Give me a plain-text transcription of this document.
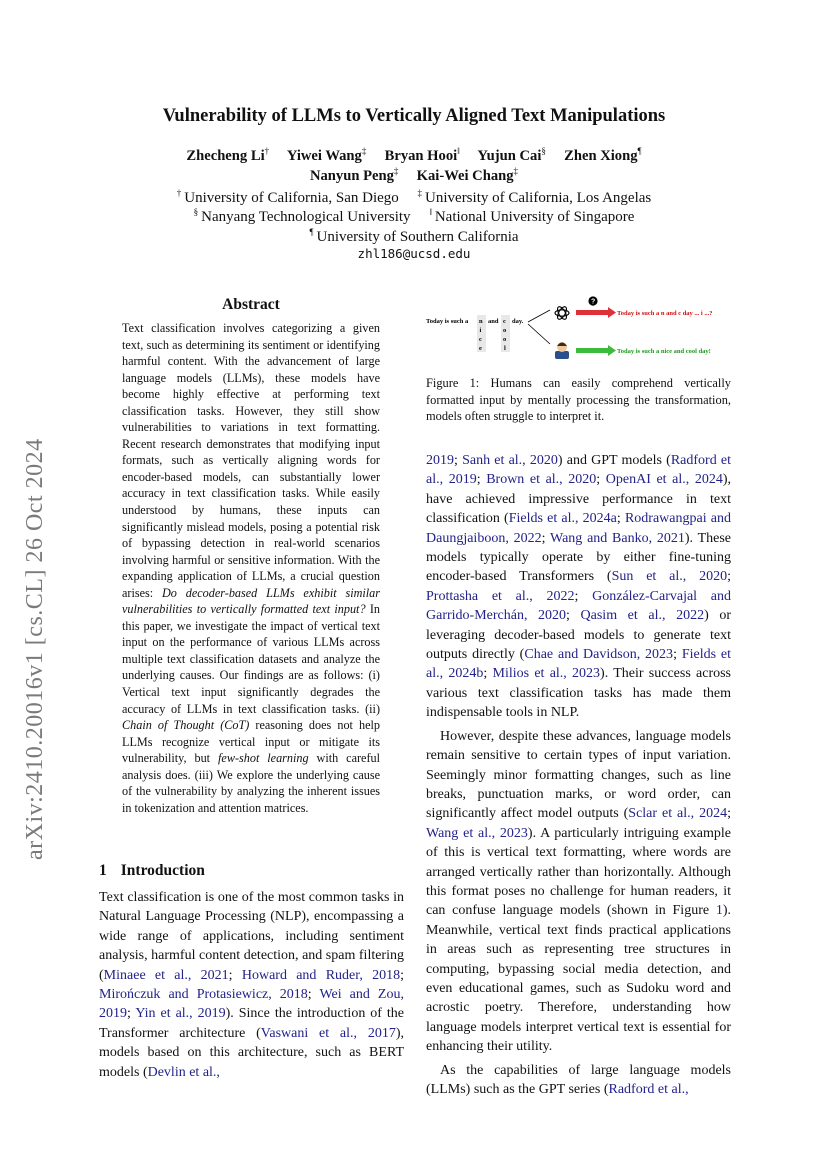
arXiv:2410.20016v1 [cs.CL] 26 Oct 2024
Vulnerability of LLMs to Vertically Aligned Text Manipulations
Zhecheng Li† Yiwei Wang‡ Bryan Hooi‖ Yujun Cai§ Zhen Xiong¶
Nanyun Peng‡ Kai-Wei Chang‡
† University of California, San Diego ‡ University of California, Los Angelas
§ Nanyang Technological University ‖ National University of Singapore
¶ University of Southern California
zhl186@ucsd.edu
Abstract

Text classification involves categorizing a given text, such as determining its sentiment or identifying harmful content. With the advancement of large language models (LLMs), these models have become highly effective at performing text classification tasks. However, they still show vulnerabilities to variations in text formatting. Recent research demonstrates that modifying input formats, such as vertically aligning words for encoder-based models, can substantially lower accuracy in text classification tasks. While easily understood by humans, these inputs can significantly mislead models, posing a potential risk of bypassing detection in real-world scenarios involving harmful or sensitive information. With the expanding application of LLMs, a crucial question arises: Do decoder-based LLMs exhibit similar vulnerabilities to vertically formatted text input? In this paper, we investigate the impact of vertical text input on the performance of various LLMs across multiple text classification datasets and analyze the underlying causes. Our findings are as follows: (i) Vertical text input significantly degrades the accuracy of LLMs in text classification tasks. (ii) Chain of Thought (CoT) reasoning does not help LLMs recognize vertical input or mitigate its vulnerability, but few-shot learning with careful analysis does. (iii) We explore the underlying cause of the vulnerability by analyzing the inherent issues in tokenization and attention matrices.

Today is such a n
i
c
e
and c
o
o
l
day.
?
Today is such a n and c day ... i ...?
Today is such a nice and cool day!
Figure 1: Humans can easily comprehend vertically formatted input by mentally processing the transformation, models often struggle to interpret it.
1 Introduction

Text classification is one of the most common tasks in Natural Language Processing (NLP), encompassing a wide range of applications, including sentiment analysis, harmful content detection, and spam filtering (Minaee et al., 2021; Howard and Ruder, 2018; Mirończuk and Protasiewicz, 2018; Wei and Zou, 2019; Yin et al., 2019). Since the introduction of the Transformer architecture (Vaswani et al., 2017), models based on this architecture, such as BERT models (Devlin et al.,

2019; Sanh et al., 2020) and GPT models (Radford et al., 2019; Brown et al., 2020; OpenAI et al., 2024), have achieved impressive performance in text classification (Fields et al., 2024a; Rodrawangpai and Daungjaiboon, 2022; Wang and Banko, 2021). These models typically operate by either fine-tuning encoder-based Transformers (Sun et al., 2020; Prottasha et al., 2022; González-Carvajal and Garrido-Merchán, 2020; Qasim et al., 2022) or leveraging decoder-based models to generate text outputs directly (Chae and Davidson, 2023; Fields et al., 2024b; Milios et al., 2023). Their success across various text classification tasks has made them indispensable tools in NLP.

However, despite these advances, language models remain sensitive to certain types of input variation. Seemingly minor formatting changes, such as line breaks, punctuation marks, or word order, can significantly affect model outputs (Sclar et al., 2024; Wang et al., 2023). A particularly intriguing example of this is vertical text formatting, where words are arranged vertically rather than horizontally. Although this format poses no challenge for human readers, it can confuse language models (shown in Figure 1). Meanwhile, vertical text finds practical applications in areas such as representing tree structures in computing, bypassing social media detection, and even educational games, such as Sudoku word and acrostic poetry. Therefore, understanding how language models interpret vertical text is essential for enhancing their utility.

As the capabilities of large language models (LLMs) such as the GPT series (Radford et al.,
